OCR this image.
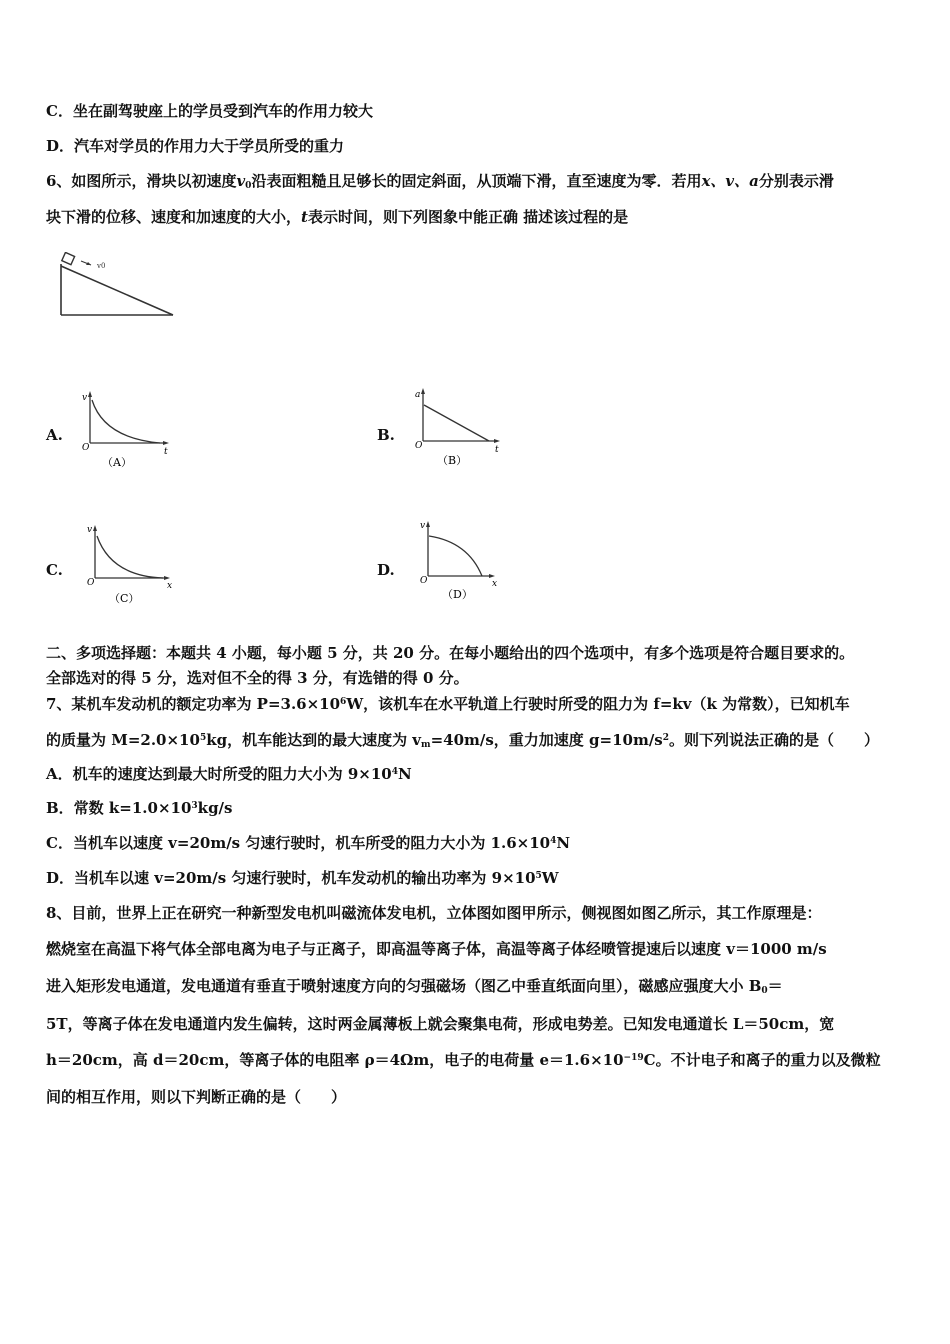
C．坐在副驾驶座上的学员受到汽车的作用力较大
D．汽车对学员的作用力大于学员所受的重力
6、如图所示，滑块以初速度$v_0$沿表面粗糙且足够长的固定斜面，从顶端下滑，直至速度为零．若用x、v、a分别表示滑
块下滑的位移、速度和加速度的大小，t表示时间，则下列图象中能正确 描述该过程的是
v0
A.
v
t
O
（A）
B.
a
t
O
（B）
C.
v
x
O
（C）
D.
v
x
O
（D）
二、多项选择题：本题共 4 小题，每小题 5 分，共 20 分。在每小题给出的四个选项中，有多个选项是符合题目要求的。
全部选对的得 5 分，选对但不全的得 3 分，有选错的得 0 分。
7、某机车发动机的额定功率为 $P=3.6\times 10^6W$，该机车在水平轨道上行驶时所受的阻力为 f=kv（k 为常数），已知机车
的质量为 $M=2.0\times 10^5kg$，机车能达到的最大速度为 $v_m=40m/s$，重力加速度 $g=10m/s^2$。则下列说法正确的是（　　）
A．机车的速度达到最大时所受的阻力大小为 $9\times 10^4N$
B．常数 $k=1.0\times 10^3kg/s$
C．当机车以速度 v=20m/s 匀速行驶时，机车所受的阻力大小为 $1.6\times 10^4N$
D．当机车以速 v=20m/s 匀速行驶时，机车发动机的输出功率为 $9\times 10^5W$
8、目前，世界上正在研究一种新型发电机叫磁流体发电机，立体图如图甲所示，侧视图如图乙所示，其工作原理是：
燃烧室在高温下将气体全部电离为电子与正离子，即高温等离子体，高温等离子体经喷管提速后以速度 v＝1000 m/s
进入矩形发电通道，发电通道有垂直于喷射速度方向的匀强磁场（图乙中垂直纸面向里），磁感应强度大小 $B_0=$
5T，等离子体在发电通道内发生偏转，这时两金属薄板上就会聚集电荷，形成电势差。已知发电通道长 L＝50cm，宽
h＝20cm，高 d＝20cm，等离子体的电阻率 ρ＝4Ωm，电子的电荷量 $e=1.6\times 10^{-19}C$。不计电子和离子的重力以及微粒
间的相互作用，则以下判断正确的是（　　）
